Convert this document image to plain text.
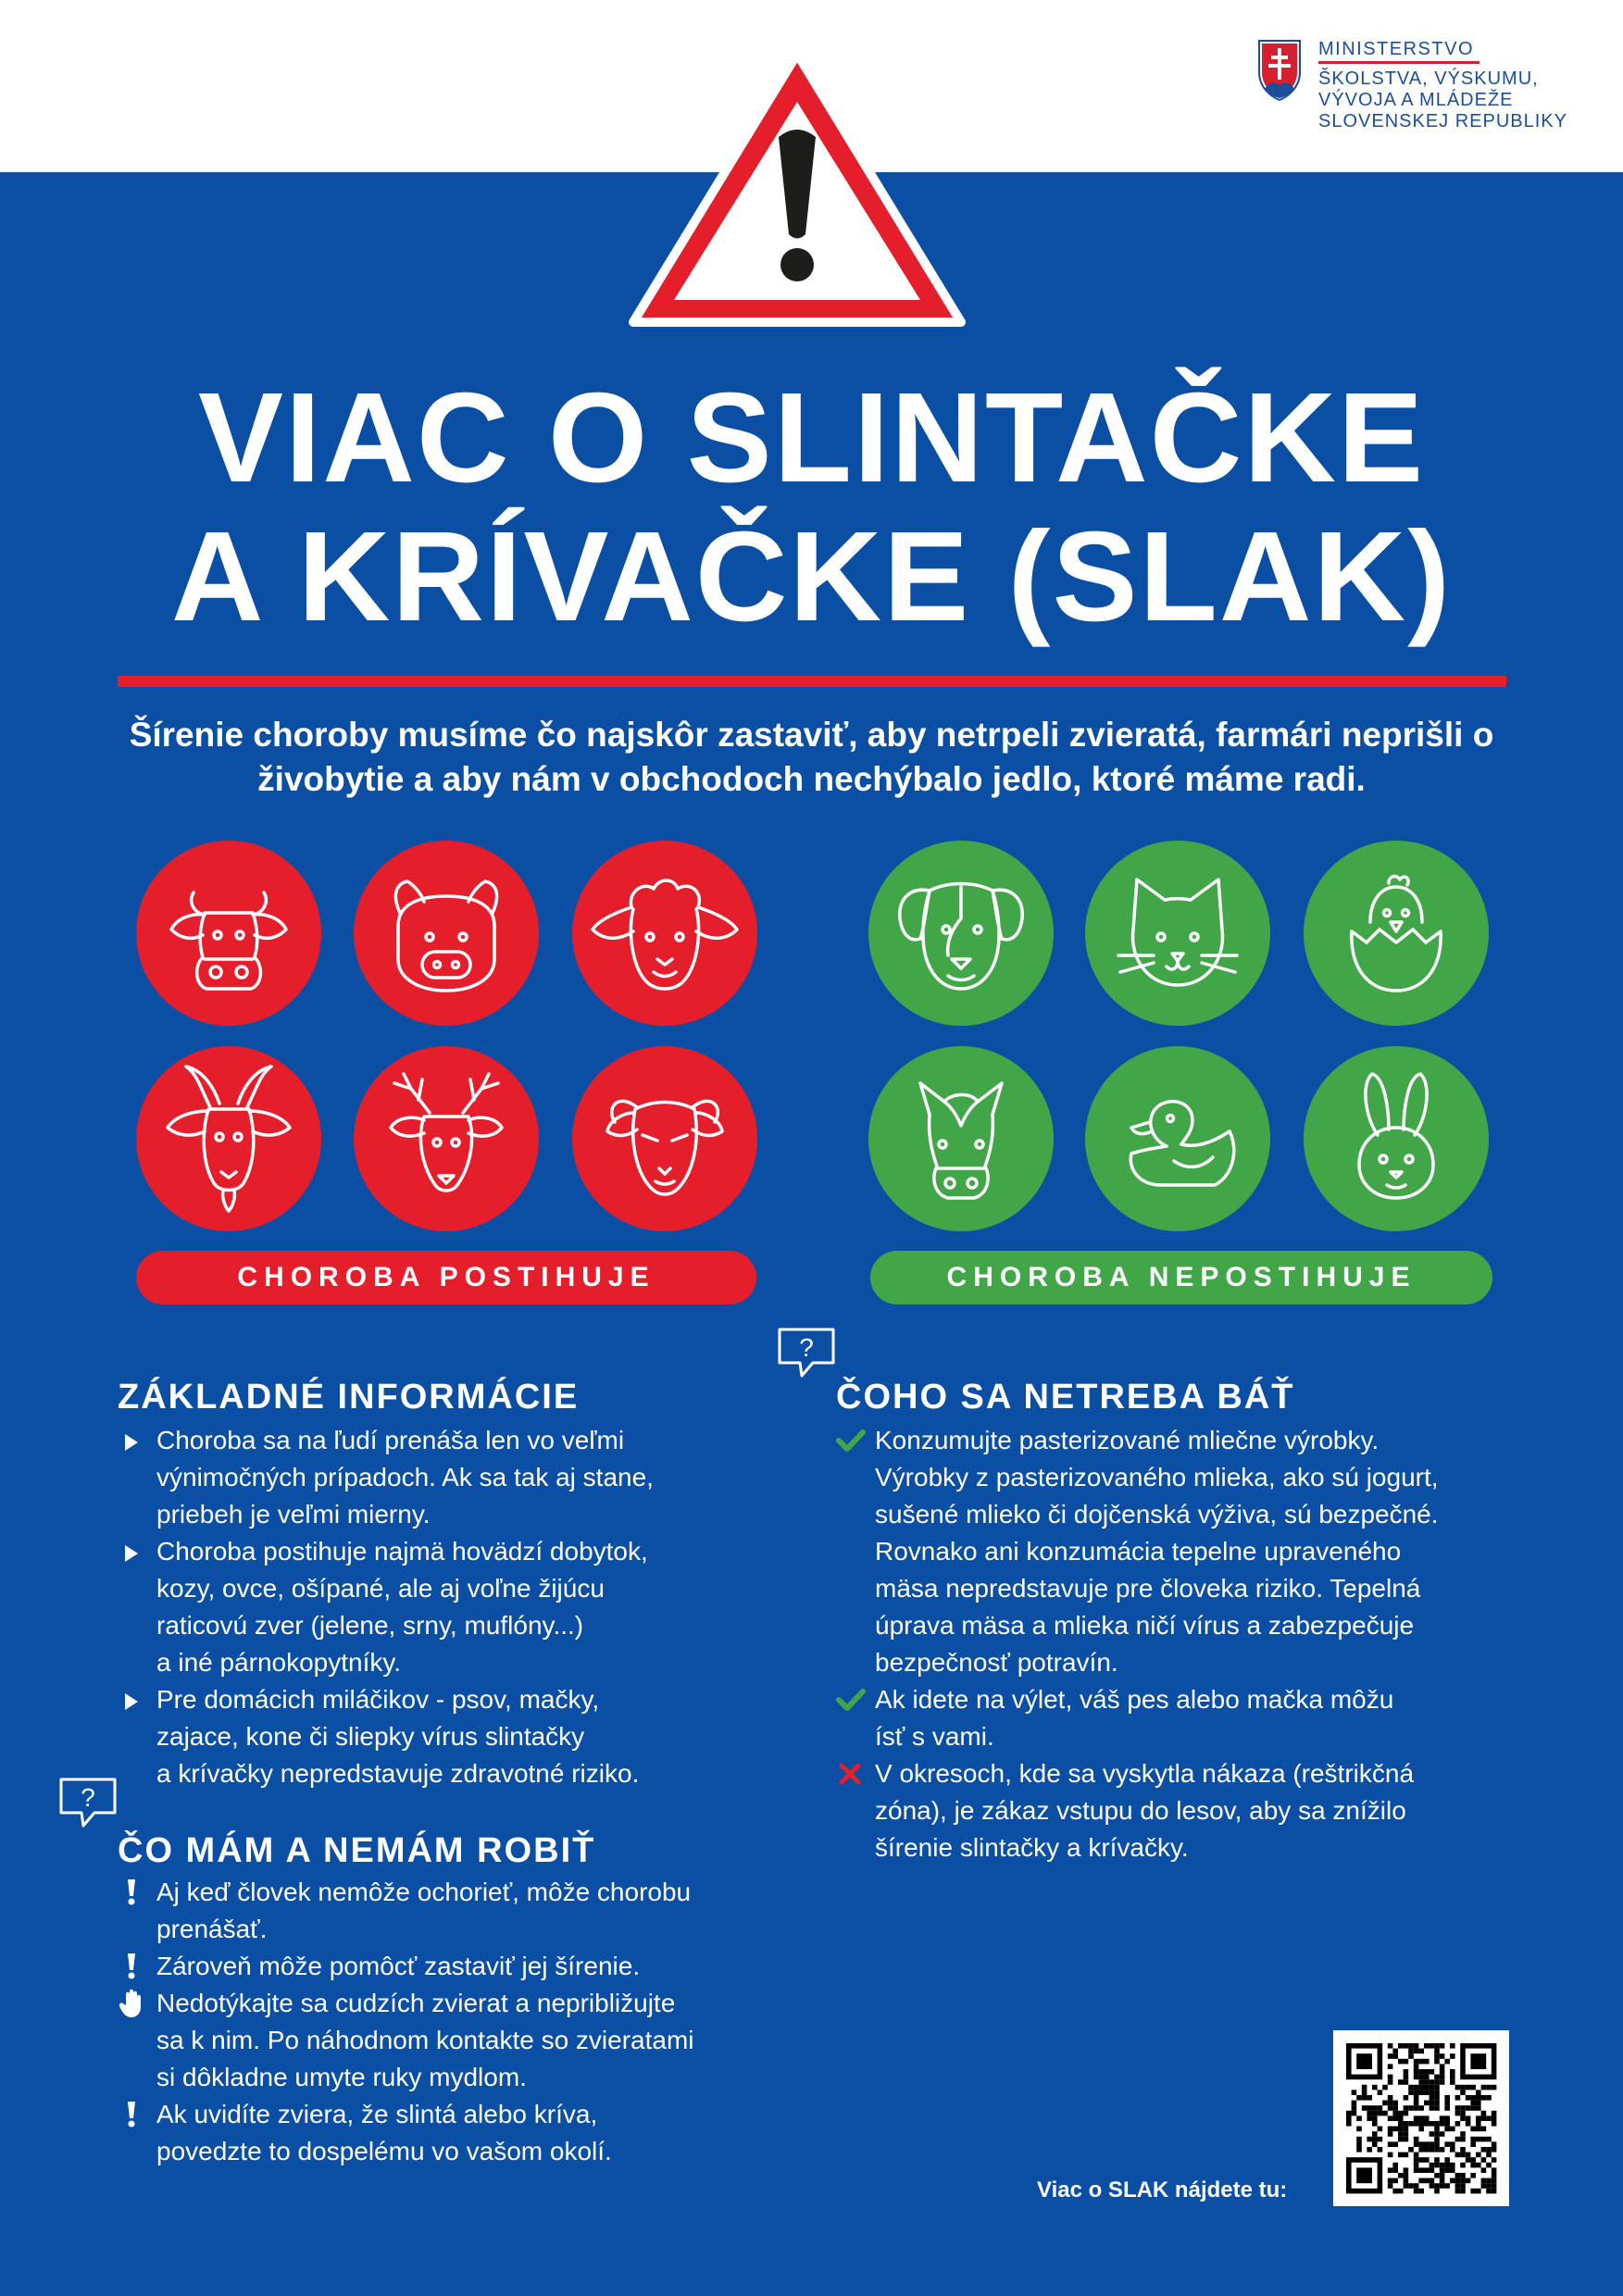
MINISTERSTVO
ŠKOLSTVA, VÝSKUMU,
VÝVOJA A MLÁDEŽE
SLOVENSKEJ REPUBLIKY
VIAC O SLINTAČKE
A KRÍVAČKE (SLAK)
Šírenie choroby musíme čo najskôr zastaviť, aby netrpeli zvieratá, farmári neprišli o živobytie a aby nám v obchodoch nechýbalo jedlo, ktoré máme radi.
CHOROBA POSTIHUJE	CHOROBA NEPOSTIHUJE
ZÁKLADNÉ INFORMÁCIE
Choroba sa na ľudí prenáša len vo veľmi
výnimočných prípadoch. Ak sa tak aj stane,
priebeh je veľmi mierny.
Choroba postihuje najmä hovädzí dobytok,
kozy, ovce, ošípané, ale aj voľne žijúcu
raticovú zver (jelene, srny, muflóny...)
a iné párnokopytníky.
Pre domácich miláčikov - psov, mačky,
zajace, kone či sliepky vírus slintačky
a krívačky nepredstavuje zdravotné riziko.
?
ČO MÁM A NEMÁM ROBIŤ
Aj keď človek nemôže ochorieť, môže chorobu
prenášať.
Zároveň môže pomôcť zastaviť jej šírenie.
Nedotýkajte sa cudzích zvierat a nepribližujte
sa k nim. Po náhodnom kontakte so zvieratami
si dôkladne umyte ruky mydlom.
Ak uvidíte zviera, že slintá alebo kríva,
povedzte to dospelému vo vašom okolí.
?
ČOHO SA NETREBA BÁŤ
Konzumujte pasterizované mliečne výrobky.
Výrobky z pasterizovaného mlieka, ako sú jogurt,
sušené mlieko či dojčenská výživa, sú bezpečné.
Rovnako ani konzumácia tepelne upraveného
mäsa nepredstavuje pre človeka riziko. Tepelná
úprava mäsa a mlieka ničí vírus a zabezpečuje
bezpečnosť potravín.
Ak idete na výlet, váš pes alebo mačka môžu
ísť s vami.
V okresoch, kde sa vyskytla nákaza (reštrikčná
zóna), je zákaz vstupu do lesov, aby sa znížilo
šírenie slintačky a krívačky.
Viac o SLAK nájdete tu:
